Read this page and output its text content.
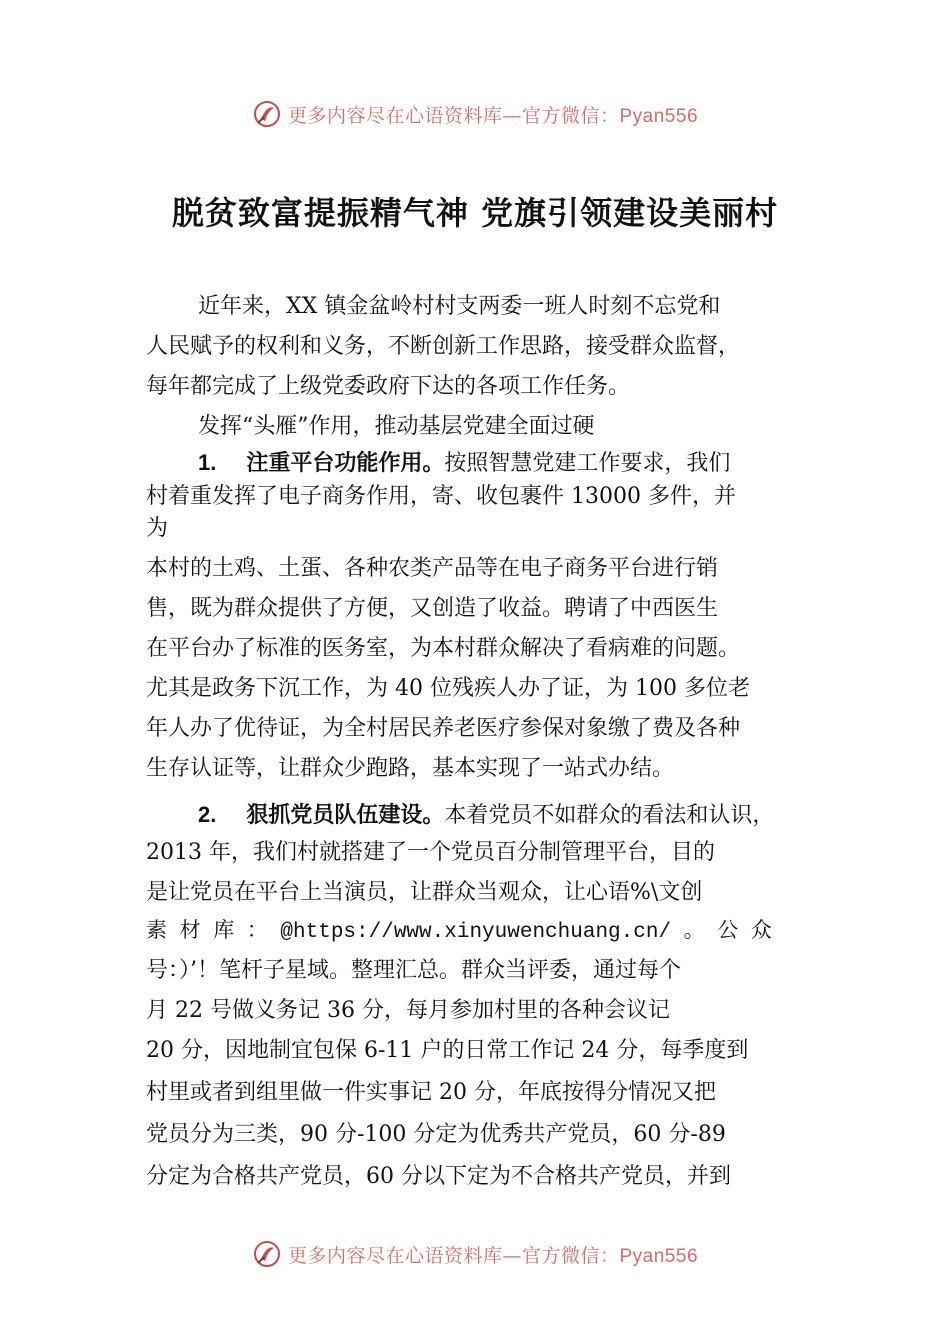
更多内容尽在心语资料库—官方微信：Pyan556
脱贫致富提振精气神 党旗引领建设美丽村
近年来，XX 镇金盆岭村村支两委一班人时刻不忘党和
人民赋予的权利和义务，不断创新工作思路，接受群众监督，
每年都完成了上级党委政府下达的各项工作任务。
发挥“头雁”作用，推动基层党建全面过硬
1. 注重平台功能作用。按照智慧党建工作要求，我们
村着重发挥了电子商务作用，寄、收包裹件 13000 多件，并
为
本村的土鸡、土蛋、各种农类产品等在电子商务平台进行销
售，既为群众提供了方便，又创造了收益。聘请了中西医生
在平台办了标准的医务室，为本村群众解决了看病难的问题。
尤其是政务下沉工作，为 40 位残疾人办了证，为 100 多位老
年人办了优待证，为全村居民养老医疗参保对象缴了费及各种
生存认证等，让群众少跑路，基本实现了一站式办结。
2. 狠抓党员队伍建设。本着党员不如群众的看法和认识，
2013 年，我们村就搭建了一个党员百分制管理平台，目的
是让党员在平台上当演员，让群众当观众，让心语%\文创
素 材 库 ： @https://www.xinyuwenchuang.cn/ 。 公 众
号：）’！笔杆子星域。整理汇总。群众当评委，通过每个
月 22 号做义务记 36 分，每月参加村里的各种会议记
20 分，因地制宜包保 6-11 户的日常工作记 24 分，每季度到
村里或者到组里做一件实事记 20 分，年底按得分情况又把
党员分为三类，90 分-100 分定为优秀共产党员，60 分-89
分定为合格共产党员，60 分以下定为不合格共产党员，并到
更多内容尽在心语资料库—官方微信：Pyan556
